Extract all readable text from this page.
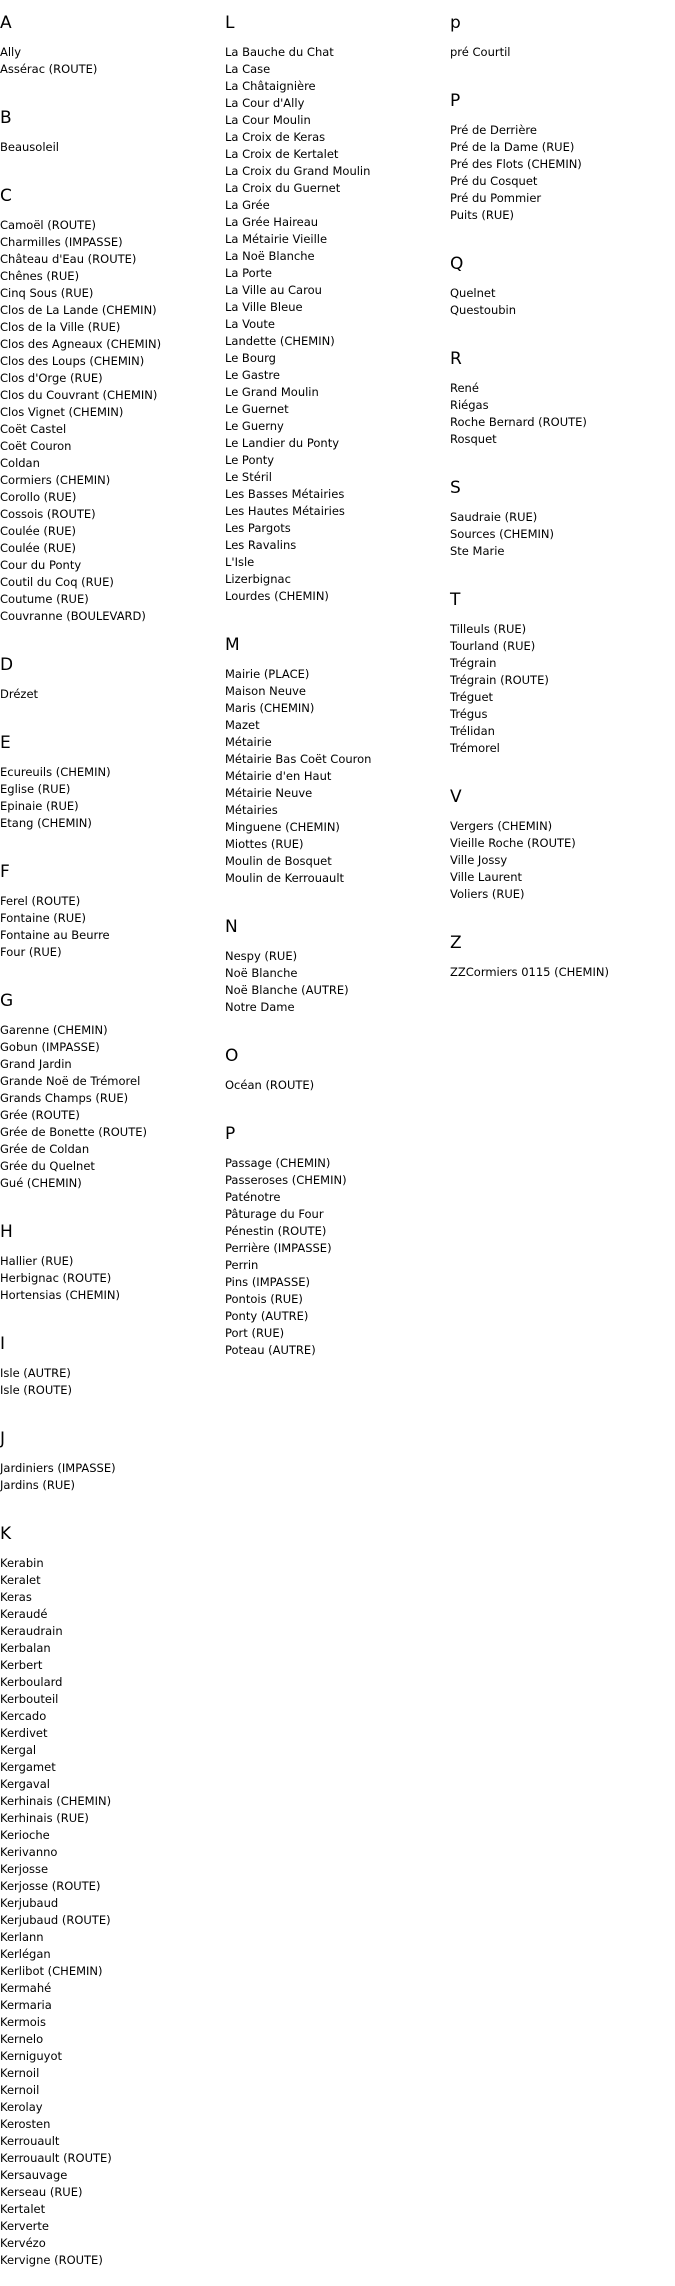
A
Ally
Assérac (ROUTE)
B
Beausoleil
C
Camoël (ROUTE)
Charmilles (IMPASSE)
Château d'Eau (ROUTE)
Chênes (RUE)
Cinq Sous (RUE)
Clos de La Lande (CHEMIN)
Clos de la Ville (RUE)
Clos des Agneaux (CHEMIN)
Clos des Loups (CHEMIN)
Clos d'Orge (RUE)
Clos du Couvrant (CHEMIN)
Clos Vignet (CHEMIN)
Coët Castel
Coët Couron
Coldan
Cormiers (CHEMIN)
Corollo (RUE)
Cossois (ROUTE)
Coulée (RUE)
Coulée (RUE)
Cour du Ponty
Coutil du Coq (RUE)
Coutume (RUE)
Couvranne (BOULEVARD)
D
Drézet
E
Ecureuils (CHEMIN)
Eglise (RUE)
Epinaie (RUE)
Etang (CHEMIN)
F
Ferel (ROUTE)
Fontaine (RUE)
Fontaine au Beurre
Four (RUE)
G
Garenne (CHEMIN)
Gobun (IMPASSE)
Grand Jardin
Grande Noë de Trémorel
Grands Champs (RUE)
Grée (ROUTE)
Grée de Bonette (ROUTE)
Grée de Coldan
Grée du Quelnet
Gué (CHEMIN)
H
Hallier (RUE)
Herbignac (ROUTE)
Hortensias (CHEMIN)
I
Isle (AUTRE)
Isle (ROUTE)
J
Jardiniers (IMPASSE)
Jardins (RUE)
K
Kerabin
Keralet
Keras
Keraudé
Keraudrain
Kerbalan
Kerbert
Kerboulard
Kerbouteil
Kercado
Kerdivet
Kergal
Kergamet
Kergaval
Kerhinais (CHEMIN)
Kerhinais (RUE)
Kerioche
Kerivanno
Kerjosse
Kerjosse (ROUTE)
Kerjubaud
Kerjubaud (ROUTE)
Kerlann
Kerlégan
Kerlibot (CHEMIN)
Kermahé
Kermaria
Kermois
Kernelo
Kerniguyot
Kernoil
Kernoil
Kerolay
Kerosten
Kerrouault
Kerrouault (ROUTE)
Kersauvage
Kerseau (RUE)
Kertalet
Kerverte
Kervézo
Kervigne (ROUTE)
L
La Bauche du Chat
La Case
La Châtaignière
La Cour d'Ally
La Cour Moulin
La Croix de Keras
La Croix de Kertalet
La Croix du Grand Moulin
La Croix du Guernet
La Grée
La Grée Haireau
La Métairie Vieille
La Noë Blanche
La Porte
La Ville au Carou
La Ville Bleue
La Voute
Landette (CHEMIN)
Le Bourg
Le Gastre
Le Grand Moulin
Le Guernet
Le Guerny
Le Landier du Ponty
Le Ponty
Le Stéril
Les Basses Métairies
Les Hautes Métairies
Les Pargots
Les Ravalins
L'Isle
Lizerbignac
Lourdes (CHEMIN)
M
Mairie (PLACE)
Maison Neuve
Maris (CHEMIN)
Mazet
Métairie
Métairie Bas Coët Couron
Métairie d'en Haut
Métairie Neuve
Métairies
Minguene (CHEMIN)
Miottes (RUE)
Moulin de Bosquet
Moulin de Kerrouault
N
Nespy (RUE)
Noë Blanche
Noë Blanche (AUTRE)
Notre Dame
O
Océan (ROUTE)
P
Passage (CHEMIN)
Passeroses (CHEMIN)
Paténotre
Pâturage du Four
Pénestin (ROUTE)
Perrière (IMPASSE)
Perrin
Pins (IMPASSE)
Pontois (RUE)
Ponty (AUTRE)
Port (RUE)
Poteau (AUTRE)
p
pré Courtil
P
Pré de Derrière
Pré de la Dame (RUE)
Pré des Flots (CHEMIN)
Pré du Cosquet
Pré du Pommier
Puits (RUE)
Q
Quelnet
Questoubin
R
René
Riégas
Roche Bernard (ROUTE)
Rosquet
S
Saudraie (RUE)
Sources (CHEMIN)
Ste Marie
T
Tilleuls (RUE)
Tourland (RUE)
Trégrain
Trégrain (ROUTE)
Tréguet
Trégus
Trélidan
Trémorel
V
Vergers (CHEMIN)
Vieille Roche (ROUTE)
Ville Jossy
Ville Laurent
Voliers (RUE)
Z
ZZCormiers 0115 (CHEMIN)
